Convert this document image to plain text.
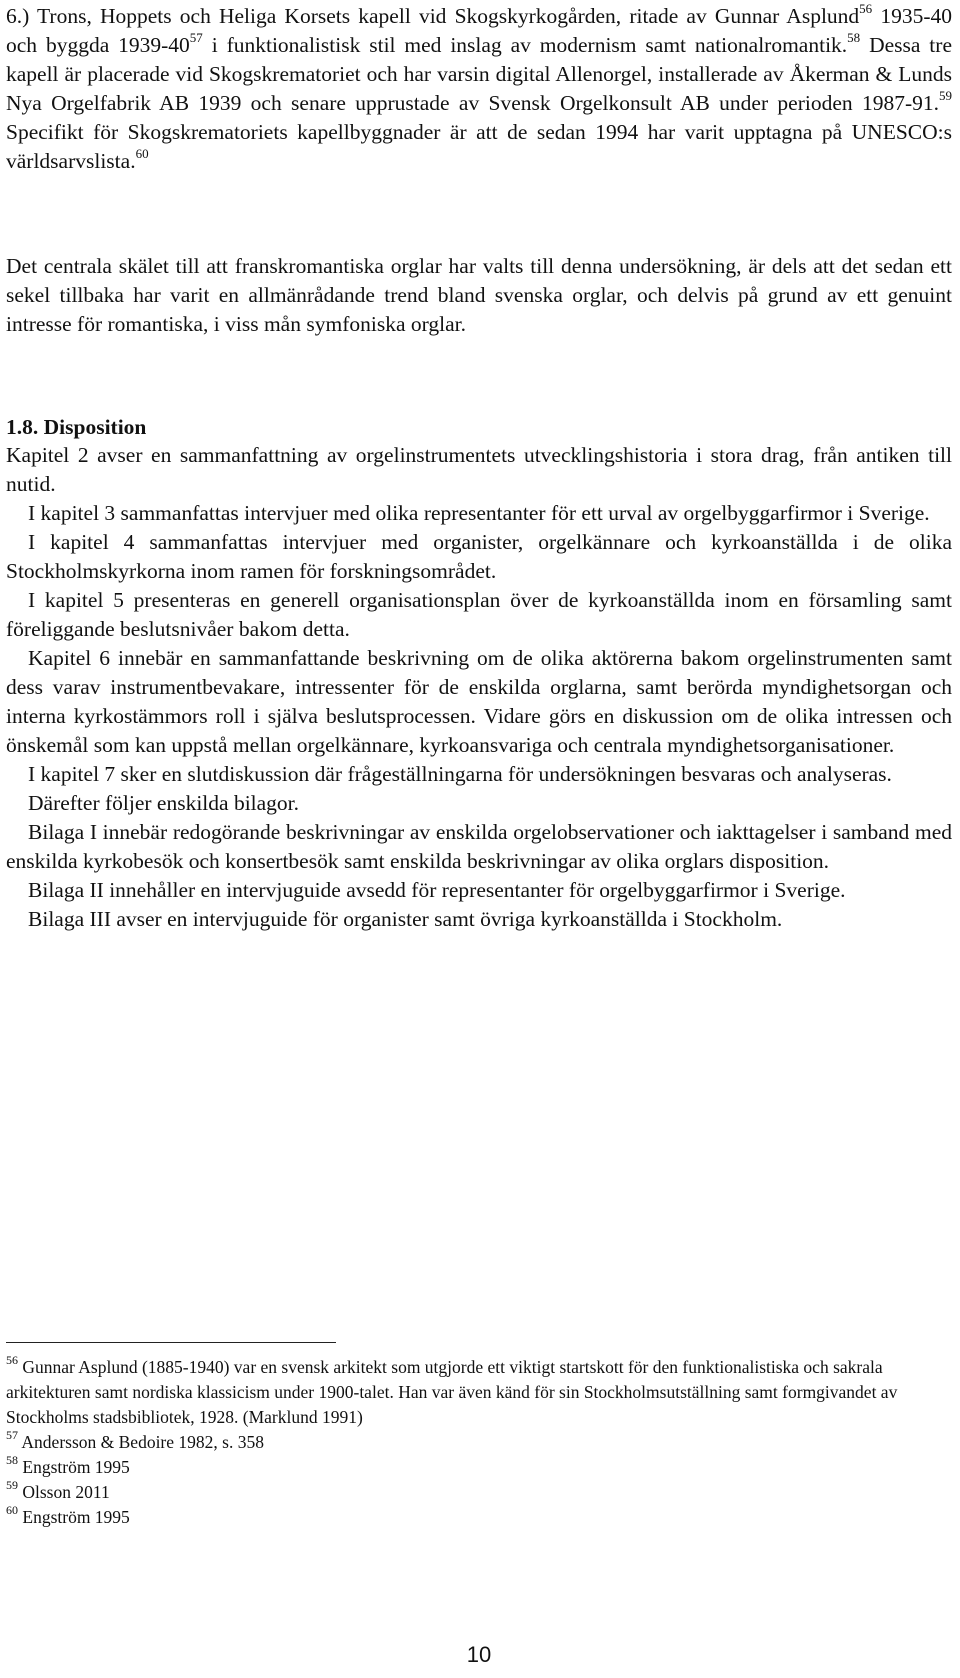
6.) Trons, Hoppets och Heliga Korsets kapell vid Skogskyrkogården, ritade av Gunnar Asplund$^{56}$ 1935-40 och byggda $1939-40^{57}$ i funktionalistisk stil med inslag av modernism samt nationalromantik.$^{58}$ Dessa tre kapell är placerade vid Skogskrematoriet och har varsin digital Allenorgel, installerade av Åkerman & Lunds Nya Orgelfabrik AB 1939 och senare upprustade av Svensk Orgelkonsult AB under perioden 1987-91.59 Specifikt för Skogskrematoriets kapellbyggnader är att de sedan 1994 har varit upptagna på UNESCO:s världsarvslista.$^{60}$

Det centrala skälet till att franskromantiska orglar har valts till denna undersökning, är dels att det sedan ett sekel tillbaka har varit en allmänrådande trend bland svenska orglar, och delvis på grund av ett genuint intresse för romantiska, i viss mån symfoniska orglar.

1.8. Disposition

Kapitel 2 avser en sammanfattning av orgelinstrumentets utvecklingshistoria i stora drag, från antiken till nutid.

I kapitel 3 sammanfattas intervjuer med olika representanter för ett urval av orgelbyggarfirmor i Sverige.

I kapitel 4 sammanfattas intervjuer med organister, orgelkännare och kyrkoanställda i de olika Stockholmskyrkorna inom ramen för forskningsområdet.

I kapitel 5 presenteras en generell organisationsplan över de kyrkoanställda inom en församling samt föreliggande beslutsnivåer bakom detta.

Kapitel 6 innebär en sammanfattande beskrivning om de olika aktörerna bakom orgelinstrumenten samt dess varav instrumentbevakare, intressenter för de enskilda orglarna, samt berörda myndighetsorgan och interna kyrkostämmors roll i själva beslutsprocessen. Vidare görs en diskussion om de olika intressen och önskemål som kan uppstå mellan orgelkännare, kyrkoansvariga och centrala myndighetsorganisationer.

I kapitel 7 sker en slutdiskussion där frågeställningarna för undersökningen besvaras och analyseras.

Därefter följer enskilda bilagor.

Bilaga I innebär redogörande beskrivningar av enskilda orgelobservationer och iakttagelser i samband med enskilda kyrkobesök och konsertbesök samt enskilda beskrivningar av olika orglars disposition.

Bilaga II innehåller en intervjuguide avsedd för representanter för orgelbyggarfirmor i Sverige.

Bilaga III avser en intervjuguide för organister samt övriga kyrkoanställda i Stockholm.

$^{56}$ Gunnar Asplund (1885-1940) var en svensk arkitekt som utgjorde ett viktigt startskott för den funktionalistiska och sakrala arkitekturen samt nordiska klassicism under 1900-talet. Han var även känd för sin Stockholmsutställning samt formgivandet av Stockholms stadsbibliotek, 1928. (Marklund 1991)

$^{57}$ Andersson & Bedoire 1982, s. 358

$^{58}$ Engström 1995

$^{59}$ Olsson 2011

$^{60}$ Engström 1995

10
